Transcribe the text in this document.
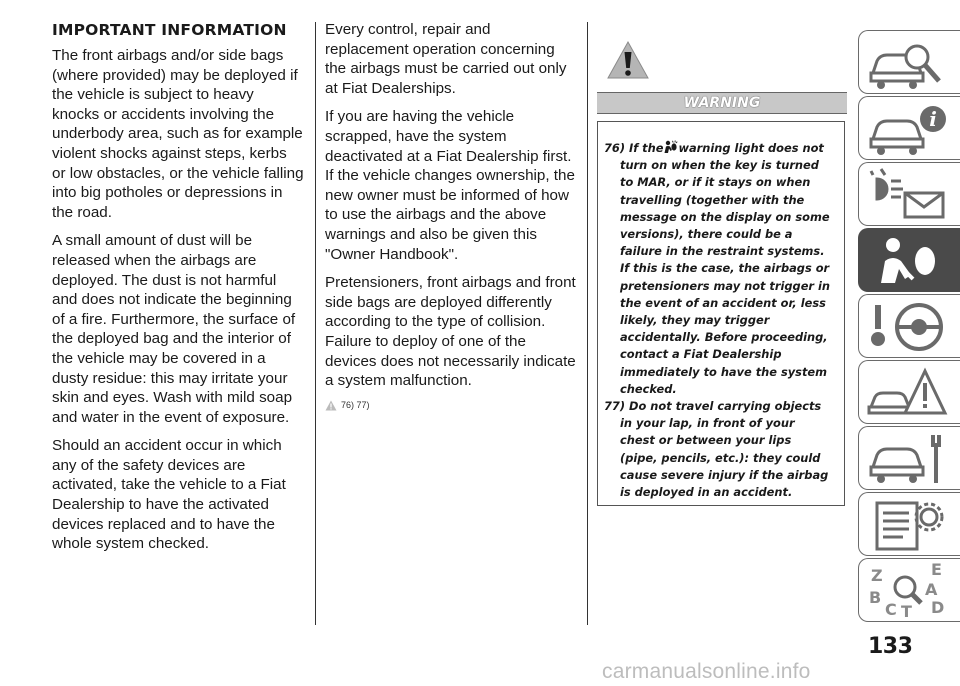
IMPORTANT INFORMATION

The front airbags and/or side bags (where provided) may be deployed if the vehicle is subject to heavy knocks or accidents involving the underbody area, such as for example violent shocks against steps, kerbs or low obstacles, or the vehicle falling into big potholes or depressions in the road.

A small amount of dust will be released when the airbags are deployed. The dust is not harmful and does not indicate the beginning of a fire. Furthermore, the surface of the deployed bag and the interior of the vehicle may be covered in a dusty residue: this may irritate your skin and eyes. Wash with mild soap and water in the event of exposure.

Should an accident occur in which any of the safety devices are activated, take the vehicle to a Fiat Dealership to have the activated devices replaced and to have the whole system checked.

Every control, repair and replacement operation concerning the airbags must be carried out only at Fiat Dealerships.

If you are having the vehicle scrapped, have the system deactivated at a Fiat Dealership first. If the vehicle changes ownership, the new owner must be informed of how to use the airbags and the above warnings and also be given this "Owner Handbook".

Pretensioners, front airbags and front side bags are deployed differently according to the type of collision. Failure to deploy of one of the devices does not necessarily indicate a system malfunction.

76) 77)
WARNING

76) If the warning light does not turn on when the key is turned to MAR, or if it stays on when travelling (together with the message on the display on some versions), there could be a failure in the restraint systems. If this is the case, the airbags or pretensioners may not trigger in the event of an accident or, less likely, they may trigger accidentally. Before proceeding, contact a Fiat Dealership immediately to have the system checked.

77) Do not travel carrying objects in your lap, in front of your chest or between your lips (pipe, pencils, etc.): they could cause severe injury if the airbag is deployed in an accident.

i
Z	E
B	A
C D
T
133
carmanualsonline.info
